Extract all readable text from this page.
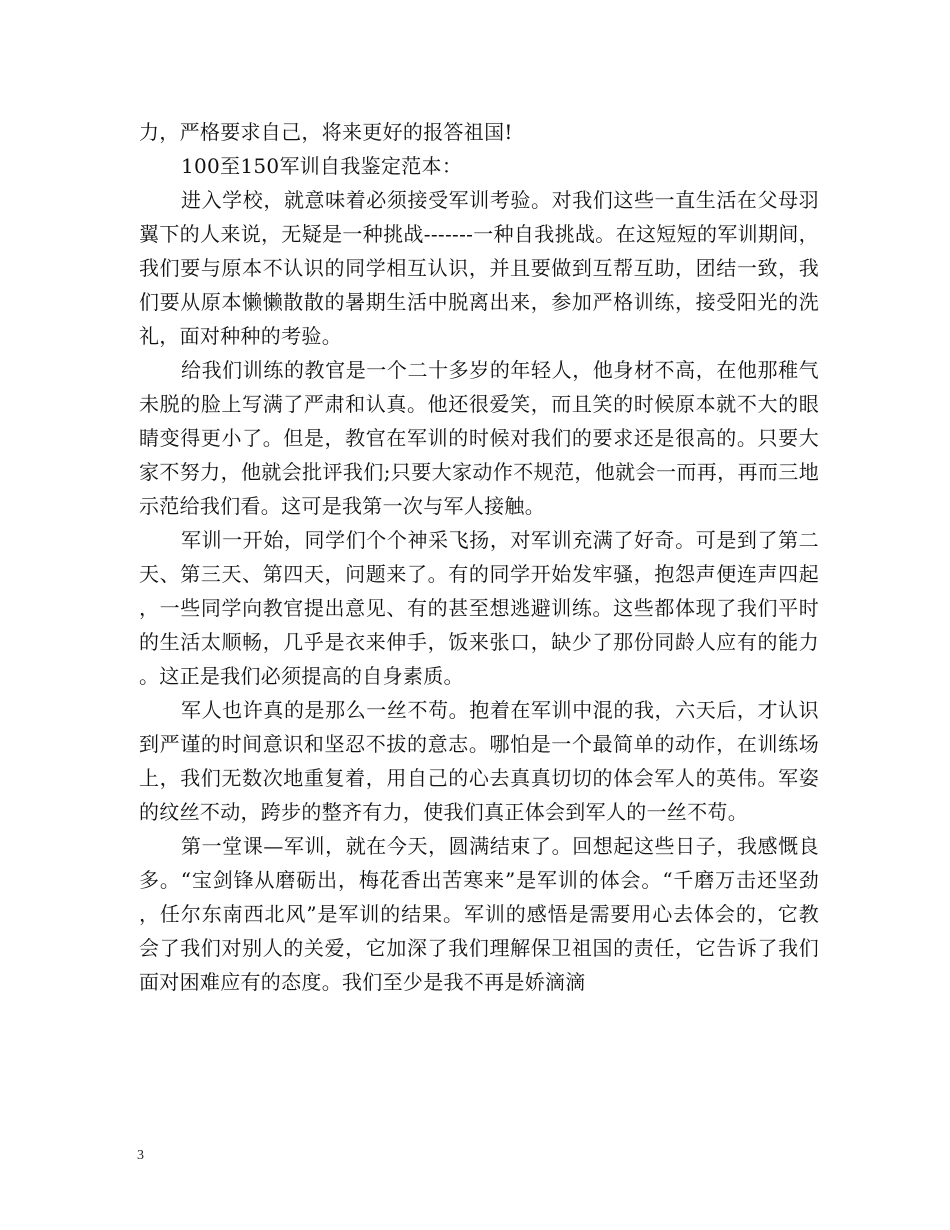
力，严格要求自己，将来更好的报答祖国!

100至150军训自我鉴定范本：

进入学校，就意味着必须接受军训考验。对我们这些一直生活在父母羽翼下的人来说，无疑是一种挑战-------一种自我挑战。在这短短的军训期间，我们要与原本不认识的同学相互认识，并且要做到互帮互助，团结一致，我们要从原本懒懒散散的暑期生活中脱离出来，参加严格训练，接受阳光的洗礼，面对种种的考验。

给我们训练的教官是一个二十多岁的年轻人，他身材不高，在他那稚气未脱的脸上写满了严肃和认真。他还很爱笑，而且笑的时候原本就不大的眼睛变得更小了。但是，教官在军训的时候对我们的要求还是很高的。只要大家不努力，他就会批评我们;只要大家动作不规范，他就会一而再，再而三地示范给我们看。这可是我第一次与军人接触。

军训一开始，同学们个个神采飞扬，对军训充满了好奇。可是到了第二天、第三天、第四天，问题来了。有的同学开始发牢骚，抱怨声便连声四起，一些同学向教官提出意见、有的甚至想逃避训练。这些都体现了我们平时的生活太顺畅，几乎是衣来伸手，饭来张口，缺少了那份同龄人应有的能力。这正是我们必须提高的自身素质。

军人也许真的是那么一丝不苟。抱着在军训中混的我，六天后，才认识到严谨的时间意识和坚忍不拔的意志。哪怕是一个最简单的动作，在训练场上，我们无数次地重复着，用自己的心去真真切切的体会军人的英伟。军姿的纹丝不动，跨步的整齐有力，使我们真正体会到军人的一丝不苟。

第一堂课—军训，就在今天，圆满结束了。回想起这些日子，我感慨良多。“宝剑锋从磨砺出，梅花香出苦寒来”是军训的体会。“千磨万击还坚劲，任尔东南西北风”是军训的结果。军训的感悟是需要用心去体会的，它教会了我们对别人的关爱，它加深了我们理解保卫祖国的责任，它告诉了我们面对困难应有的态度。我们至少是我不再是娇滴滴

3
